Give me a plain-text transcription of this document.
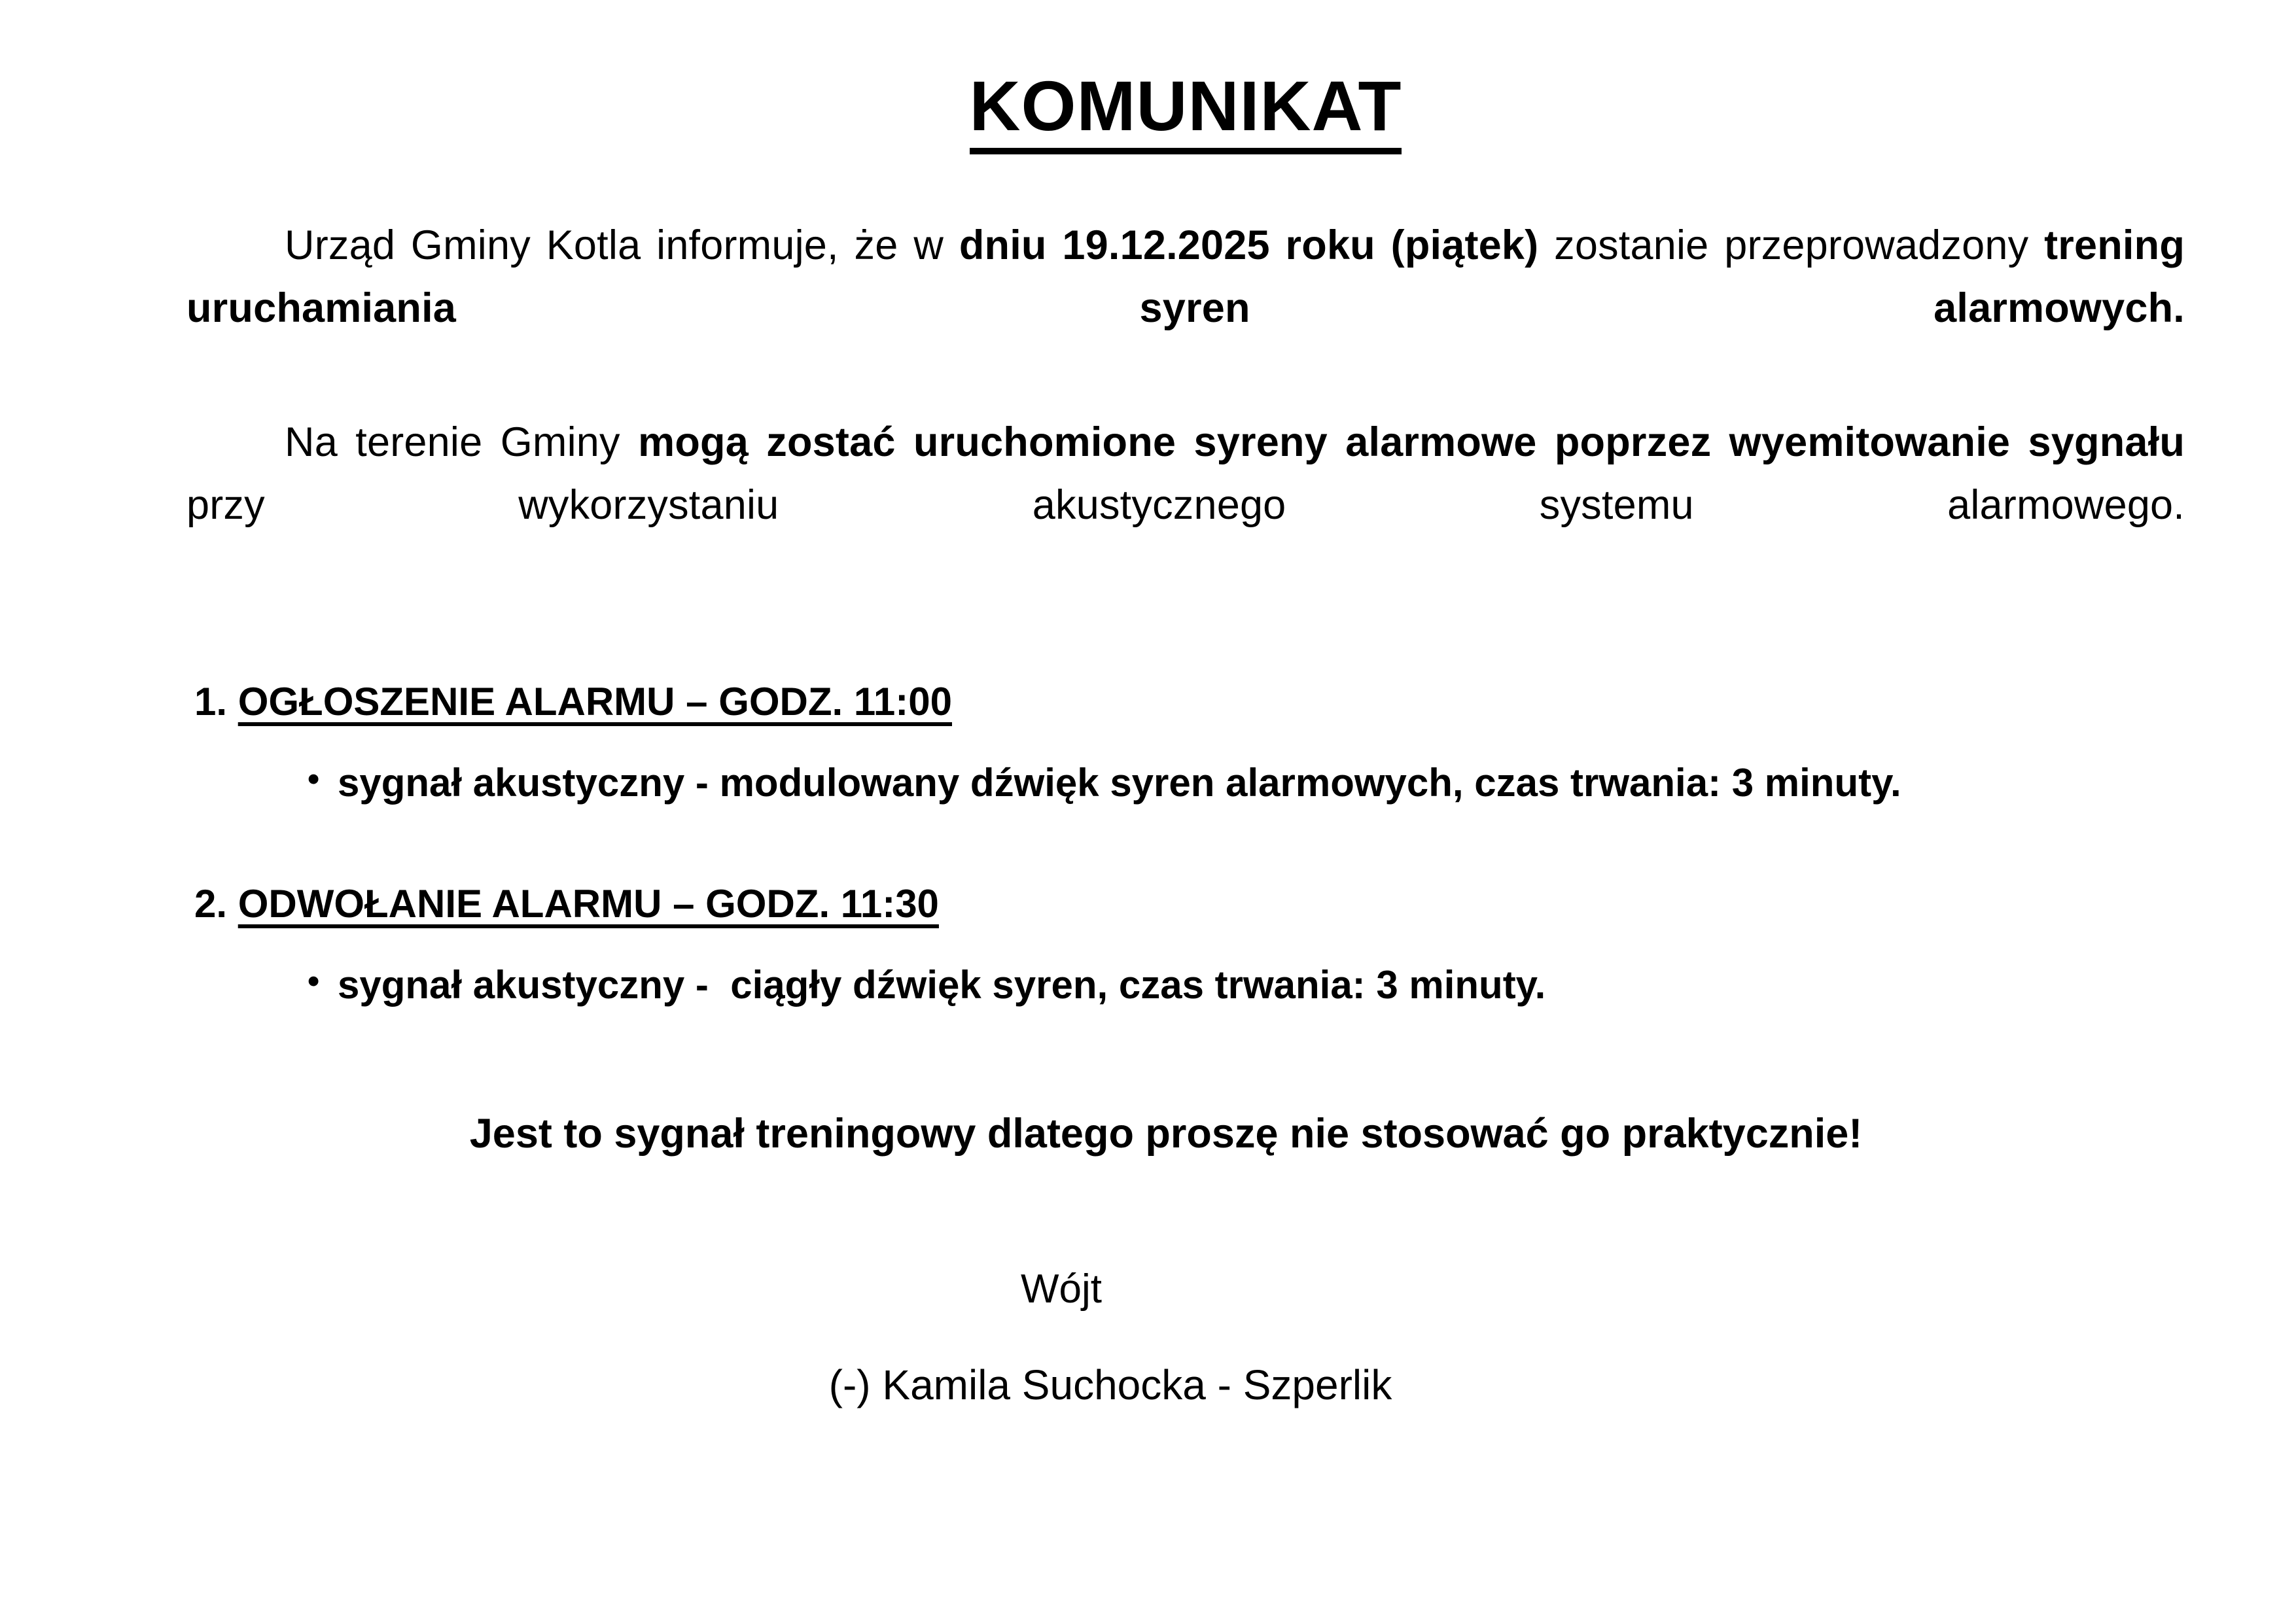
KOMUNIKAT

Urząd Gminy Kotla informuje, że w dniu 19.12.2025 roku (piątek) zostanie przeprowadzony trening uruchamiania syren alarmowych.

Na terenie Gminy mogą zostać uruchomione syreny alarmowe poprzez wyemitowanie sygnału przy wykorzystaniu akustycznego systemu alarmowego.

1. OGŁOSZENIE ALARMU – GODZ. 11:00
• sygnał akustyczny - modulowany dźwięk syren alarmowych, czas trwania: 3 minuty.
2. ODWOŁANIE ALARMU – GODZ. 11:30
• sygnał akustyczny -  ciągły dźwięk syren, czas trwania: 3 minuty.
Jest to sygnał treningowy dlatego proszę nie stosować go praktycznie!

Wójt

(-) Kamila Suchocka - Szperlik
